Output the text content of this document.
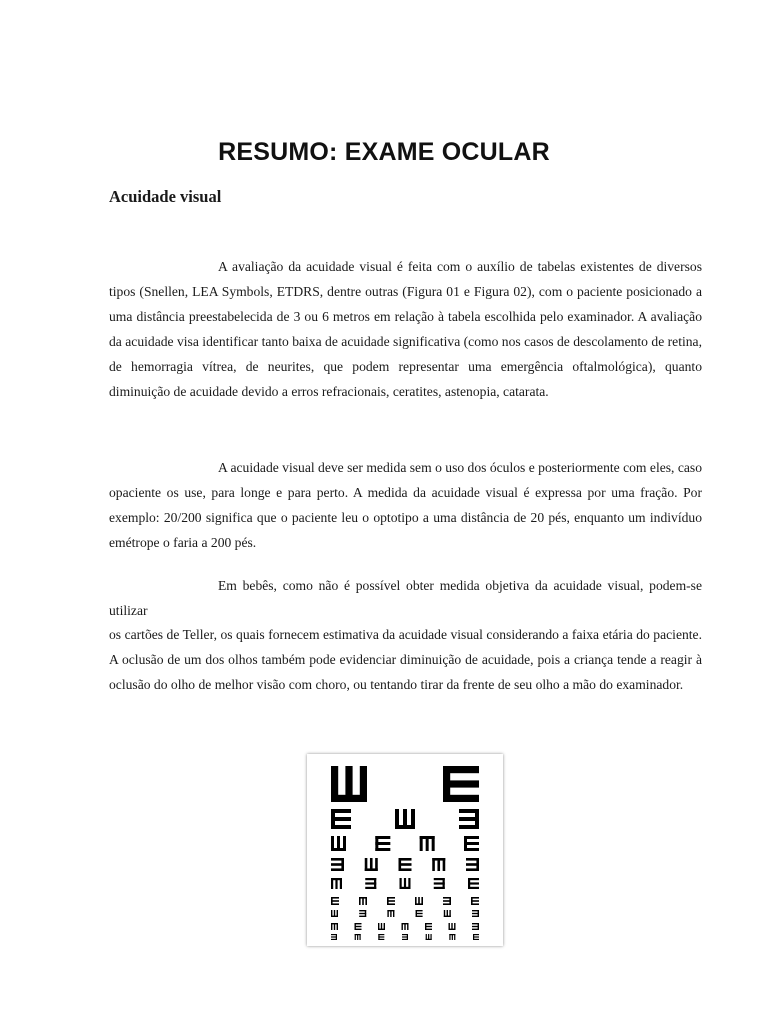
RESUMO: EXAME OCULAR
Acuidade visual

A avaliação da acuidade visual é feita com o auxílio de tabelas existentes de diversos tipos (Snellen, LEA Symbols, ETDRS, dentre outras (Figura 01 e Figura 02), com o paciente posicionado a uma distância preestabelecida de 3 ou 6 metros em relação à tabela escolhida pelo examinador. A avaliação da acuidade visa identificar tanto baixa de acuidade significativa (como nos casos de descolamento de retina, de hemorragia vítrea, de neurites, que podem representar uma emergência oftalmológica), quanto diminuição de acuidade devido a erros refracionais, ceratites, astenopia, catarata.

A acuidade visual deve ser medida sem o uso dos óculos e posteriormente com eles, caso opaciente os use, para longe e para perto. A medida da acuidade visual é expressa por uma fração. Por exemplo: 20/200 significa que o paciente leu o optotipo a uma distância de 20 pés, enquanto um indivíduo emétrope o faria a 200 pés.

Em bebês, como não é possível obter medida objetiva da acuidade visual, podem-se utilizar

os cartões de Teller, os quais fornecem estimativa da acuidade visual considerando a faixa etária do paciente. A oclusão de um dos olhos também pode evidenciar diminuição de acuidade, pois a criança tende a reagir à oclusão do olho de melhor visão com choro, ou tentando tirar da frente de seu olho a mão do examinador.
